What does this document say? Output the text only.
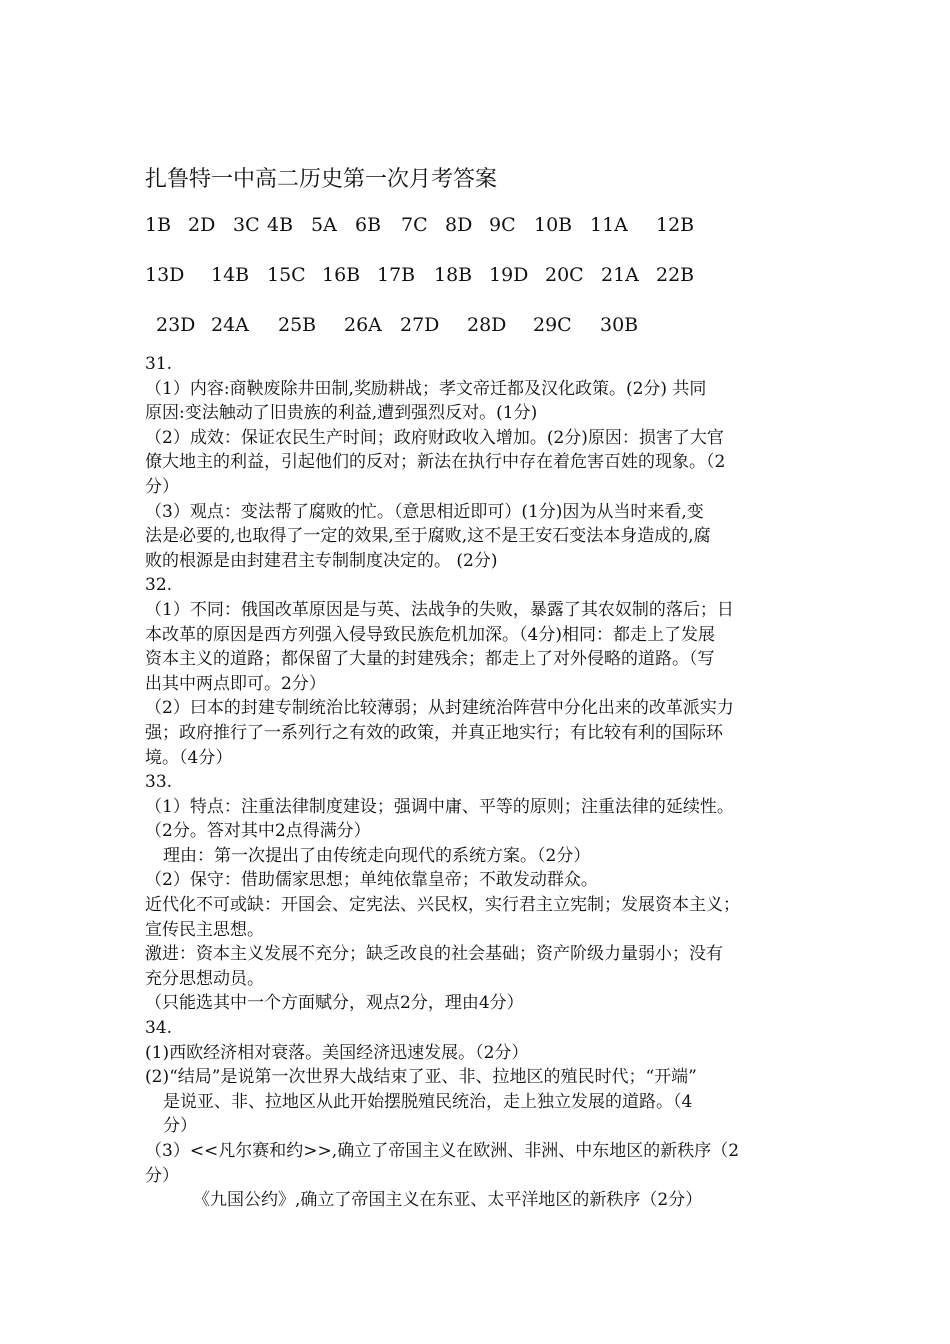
扎鲁特一中高二历史第一次月考答案
1B 2D 3C 4B 5A 6B 7C 8D 9C 10B 11A 12B
13D 14B 15C 16B 17B 18B 19D 20C 21A 22B
23D 24A 25B 26A 27D 28D 29C 30B
31.
（1）内容:商鞅废除井田制,奖励耕战；孝文帝迁都及汉化政策。(2分) 共同
原因:变法触动了旧贵族的利益,遭到强烈反对。(1分)
（2）成效：保证农民生产时间；政府财政收入增加。(2分)原因：损害了大官
僚大地主的利益，引起他们的反对；新法在执行中存在着危害百姓的现象。（2
分）
（3）观点：变法帮了腐败的忙。（意思相近即可）(1分)因为从当时来看,变
法是必要的,也取得了一定的效果,至于腐败,这不是王安石变法本身造成的,腐
败的根源是由封建君主专制制度决定的。 (2分)
32.
（1）不同：俄国改革原因是与英、法战争的失败，暴露了其农奴制的落后；日
本改革的原因是西方列强入侵导致民族危机加深。（4分)相同：都走上了发展
资本主义的道路；都保留了大量的封建残余；都走上了对外侵略的道路。（写
出其中两点即可。2分）
（2）曰本的封建专制统治比较薄弱；从封建统治阵营中分化出来的改革派实力
强；政府推行了一系列行之有效的政策，并真正地实行；有比较有利的国际环
境。（4分）
33.
（1）特点：注重法律制度建设；强调中庸、平等的原则；注重法律的延续性。
（2分。答对其中2点得满分）
理由：第一次提出了由传统走向现代的系统方案。（2分）
（2）保守：借助儒家思想；单纯依靠皇帝；不敢发动群众。
近代化不可或缺：开国会、定宪法、兴民权，实行君主立宪制；发展资本主义；
宣传民主思想。
激进：资本主义发展不充分；缺乏改良的社会基础；资产阶级力量弱小；没有
充分思想动员。
（只能选其中一个方面赋分，观点2分，理由4分）
34.
(1)西欧经济相对衰落。美国经济迅速发展。（2分）
(2)“结局”是说第一次世界大战结束了亚、非、拉地区的殖民时代；“开端”
是说亚、非、拉地区从此开始摆脱殖民统治，走上独立发展的道路。（4
分）
（3）<<凡尔赛和约>>,确立了帝国主义在欧洲、非洲、中东地区的新秩序（2
分）
《九国公约》,确立了帝国主义在东亚、太平洋地区的新秩序（2分）
